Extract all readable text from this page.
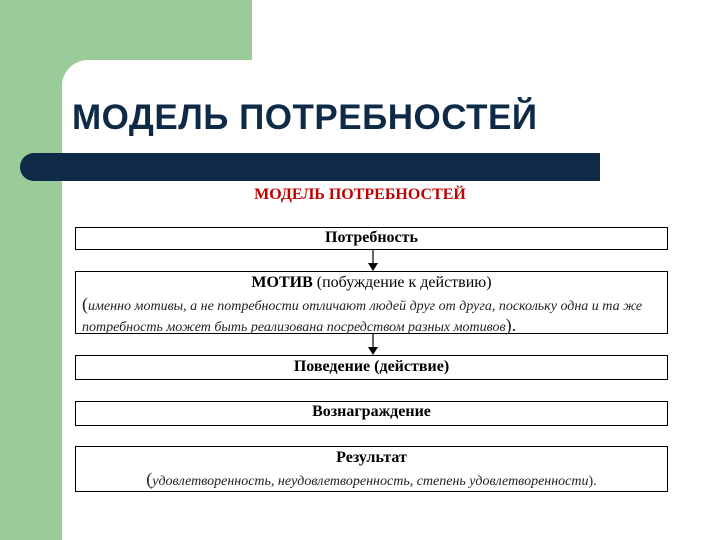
МОДЕЛЬ ПОТРЕБНОСТЕЙ
МОДЕЛЬ ПОТРЕБНОСТЕЙ
Потребность
МОТИВ (побуждение к действию)
(именно мотивы, а не потребности отличают людей друг от друга, поскольку одна и та же потребность может быть реализована посредством разных мотивов).
Поведение (действие)
Вознаграждение
Результат
(удовлетворенность, неудовлетворенность, степень удовлетворенности).
